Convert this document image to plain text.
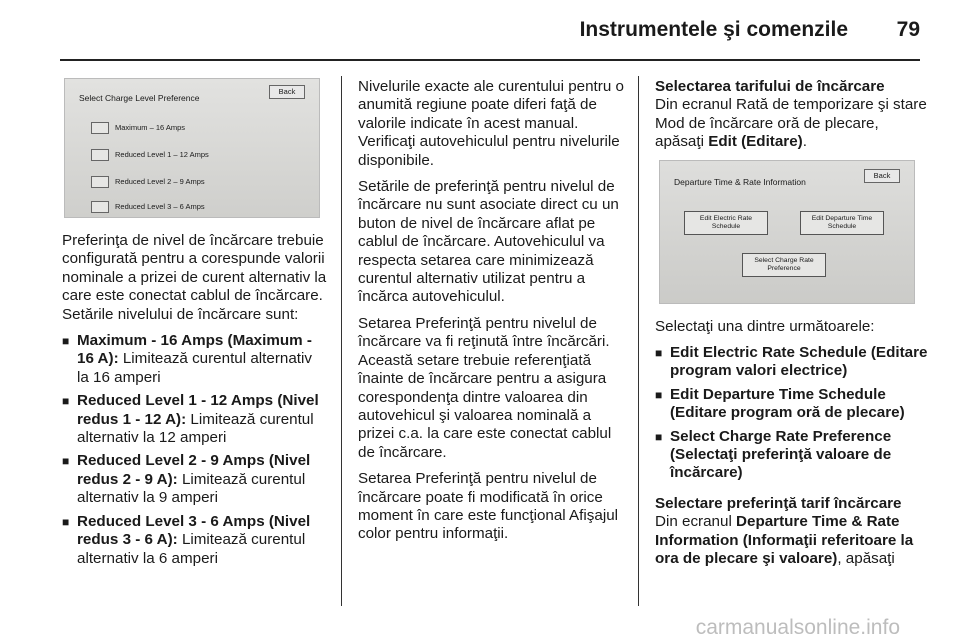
Instrumentele şi comenzile 79
Select Charge Level Preference
Back
Maximum – 16 Amps
Reduced Level 1 – 12 Amps
Reduced Level 2 – 9 Amps
Reduced Level 3 – 6 Amps

Preferinţa de nivel de încărcare trebuie configurată pentru a corespunde valorii nominale a prizei de curent alternativ la care este conectat cablul de încărcare. Setările nivelului de încărcare sunt:

■ Maximum - 16 Amps (Maximum - 16 A): Limitează curentul alternativ la 16 amperi
■ Reduced Level 1 - 12 Amps (Nivel redus 1 - 12 A): Limitează curentul alternativ la 12 amperi
■ Reduced Level 2 - 9 Amps (Nivel redus 2 - 9 A): Limitează curentul alternativ la 9 amperi
■ Reduced Level 3 - 6 Amps (Nivel redus 3 - 6 A): Limitează curentul alternativ la 6 amperi

Nivelurile exacte ale curentului pentru o anumită regiune poate diferi faţă de valorile indicate în acest manual. Verificaţi autovehiculul pentru nivelurile disponibile.

Setările de preferinţă pentru nivelul de încărcare nu sunt asociate direct cu un buton de nivel de încărcare aflat pe cablul de încărcare. Autovehiculul va respecta setarea care minimizează curentul alternativ utilizat pentru a încărca autovehiculul.

Setarea Preferinţă pentru nivelul de încărcare va fi reţinută între încărcări. Această setare trebuie referenţiată înainte de încărcare pentru a asigura corespondenţa dintre valoarea din autovehicul şi valoarea nominală a prizei c.a. la care este conectat cablul de încărcare.

Setarea Preferinţă pentru nivelul de încărcare poate fi modificată în orice moment în care este funcţional Afişajul color pentru informaţii.

Selectarea tarifului de încărcare

Din ecranul Rată de temporizare şi stare Mod de încărcare oră de plecare, apăsaţi Edit (Editare).

Departure Time & Rate Information
Back
Edit Electric Rate Schedule
Edit Departure Time Schedule
Select Charge Rate Preference

Selectaţi una dintre următoarele:

■ Edit Electric Rate Schedule (Editare program valori electrice)
■ Edit Departure Time Schedule (Editare program oră de plecare)
■ Select Charge Rate Preference (Selectaţi preferinţă valoare de încărcare)
Selectare preferinţă tarif încărcare

Din ecranul Departure Time & Rate Information (Informaţii referitoare la ora de plecare şi valoare), apăsaţi

carmanualsonline.info
